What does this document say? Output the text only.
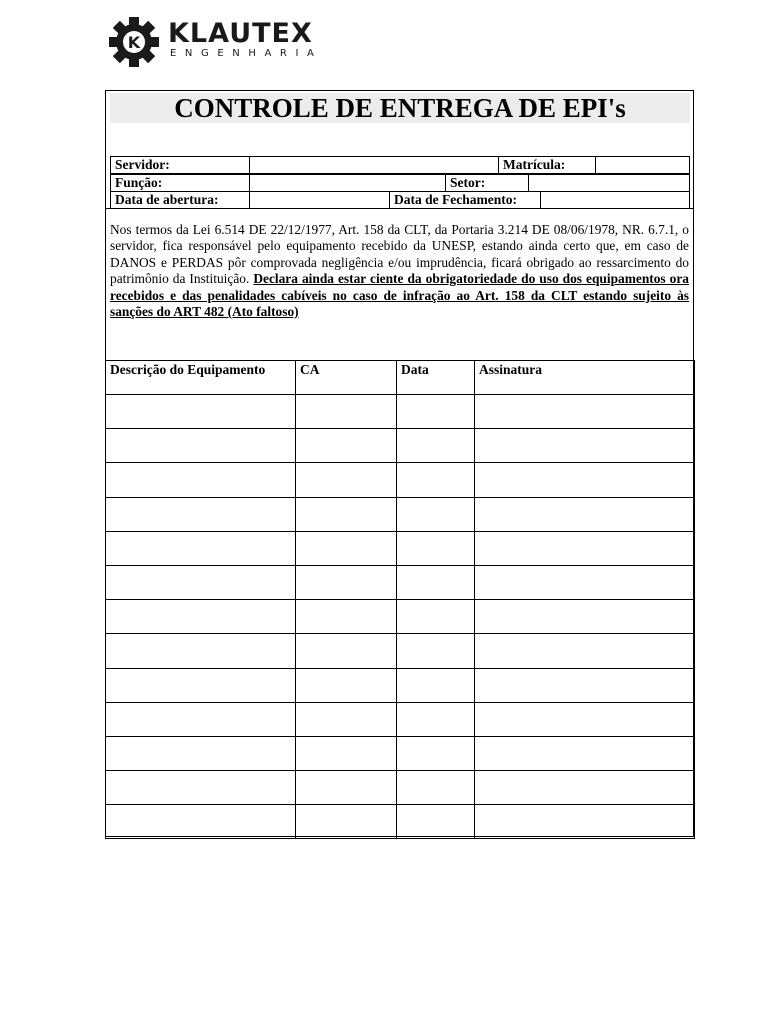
K KLAUTEX
ENGENHARIA
CONTROLE DE ENTREGA DE EPI's
Servidor:		Matrícula:	
Função:		Setor:	
Data de abertura:		Data de Fechamento:	
Nos termos da Lei 6.514 DE 22/12/1977, Art. 158 da CLT, da Portaria 3.214 DE 08/06/1978, NR. 6.7.1, o servidor, fica responsável pelo equipamento recebido da UNESP, estando ainda certo que, em caso de DANOS e PERDAS pôr comprovada negligência e/ou imprudência, ficará obrigado ao ressarcimento do patrimônio da Instituição. Declara ainda estar ciente da obrigatoriedade do uso dos equipamentos ora recebidos e das penalidades cabíveis no caso de infração ao Art. 158 da CLT estando sujeito às sanções do ART 482 (Ato faltoso)
Descrição do Equipamento	CA	Data	Assinatura
